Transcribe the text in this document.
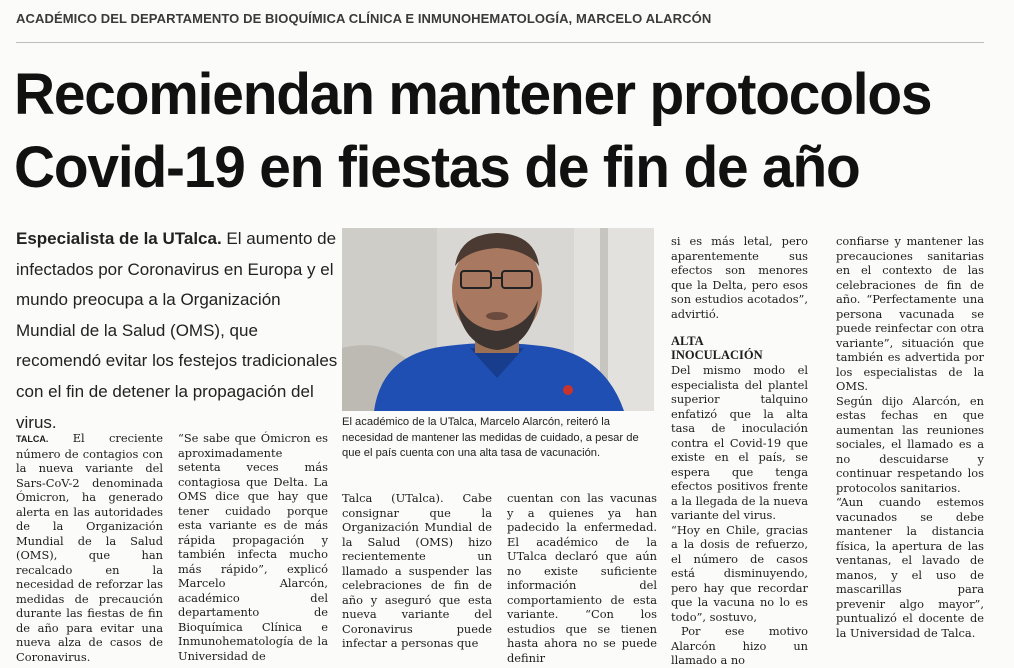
ACADÉMICO DEL DEPARTAMENTO DE BIOQUÍMICA CLÍNICA E INMUNOHEMATOLOGÍA, MARCELO ALARCÓN
Recomiendan mantener protocolos
Covid-19 en fiestas de fin de año
Especialista de la UTalca. El aumento de infectados por Coronavirus en Europa y el mundo preocupa a la Organización Mundial de la Salud (OMS), que recomendó evitar los festejos tradicionales con el fin de detener la propagación del virus.	El académico de la UTalca, Marcelo Alarcón, reiteró la necesidad de mantener las medidas de cuidado, a pesar de que el país cuenta con una alta tasa de vacunación.

TALCA. El creciente número de contagios con la nueva variante del Sars-CoV-2 denominada Ómicron, ha generado alerta en las autoridades de la Organización Mundial de la Salud (OMS), que han recalcado en la necesidad de reforzar las medidas de precaución durante las fiestas de fin de año para evitar una nueva alza de casos de Coronavirus.

“Se sabe que Ómicron es aproximadamente setenta veces más contagiosa que Delta. La OMS dice que hay que tener cuidado porque esta variante es de más rápida propagación y también infecta mucho más rápido”, explicó Marcelo Alarcón, académico del departamento de Bioquímica Clínica e Inmunohematología de la Universidad de

Talca (UTalca). Cabe consignar que la Organización Mundial de la Salud (OMS) hizo recientemente un llamado a suspender las celebraciones de fin de año y aseguró que esta nueva variante del Coronavirus puede infectar a personas que

cuentan con las vacunas y a quienes ya han padecido la enfermedad. El académico de la UTalca declaró que aún no existe suficiente información del comportamiento de esta variante. “Con los estudios que se tienen hasta ahora no se puede definir

si es más letal, pero aparentemente sus efectos son menores que la Delta, pero esos son estudios acotados”, advirtió.

ALTA
INOCULACIÓN

Del mismo modo el especialista del plantel superior talquino enfatizó que la alta tasa de inoculación contra el Covid-19 que existe en el país, se espera que tenga efectos positivos frente a la llegada de la nueva variante del virus.

“Hoy en Chile, gracias a la dosis de refuerzo, el número de casos está disminuyendo, pero hay que recordar que la vacuna no lo es todo”, sostuvo,

Por ese motivo Alarcón hizo un llamado a no

confiarse y mantener las precauciones sanitarias en el contexto de las celebraciones de fin de año. “Perfectamente una persona vacunada se puede reinfectar con otra variante”, situación que también es advertida por los especialistas de la OMS.

Según dijo Alarcón, en estas fechas en que aumentan las reuniones sociales, el llamado es a no descuidarse y continuar respetando los protocolos sanitarios.

“Aun cuando estemos vacunados se debe mantener la distancia física, la apertura de las ventanas, el lavado de manos, y el uso de mascarillas para prevenir algo mayor”, puntualizó el docente de la Universidad de Talca.
